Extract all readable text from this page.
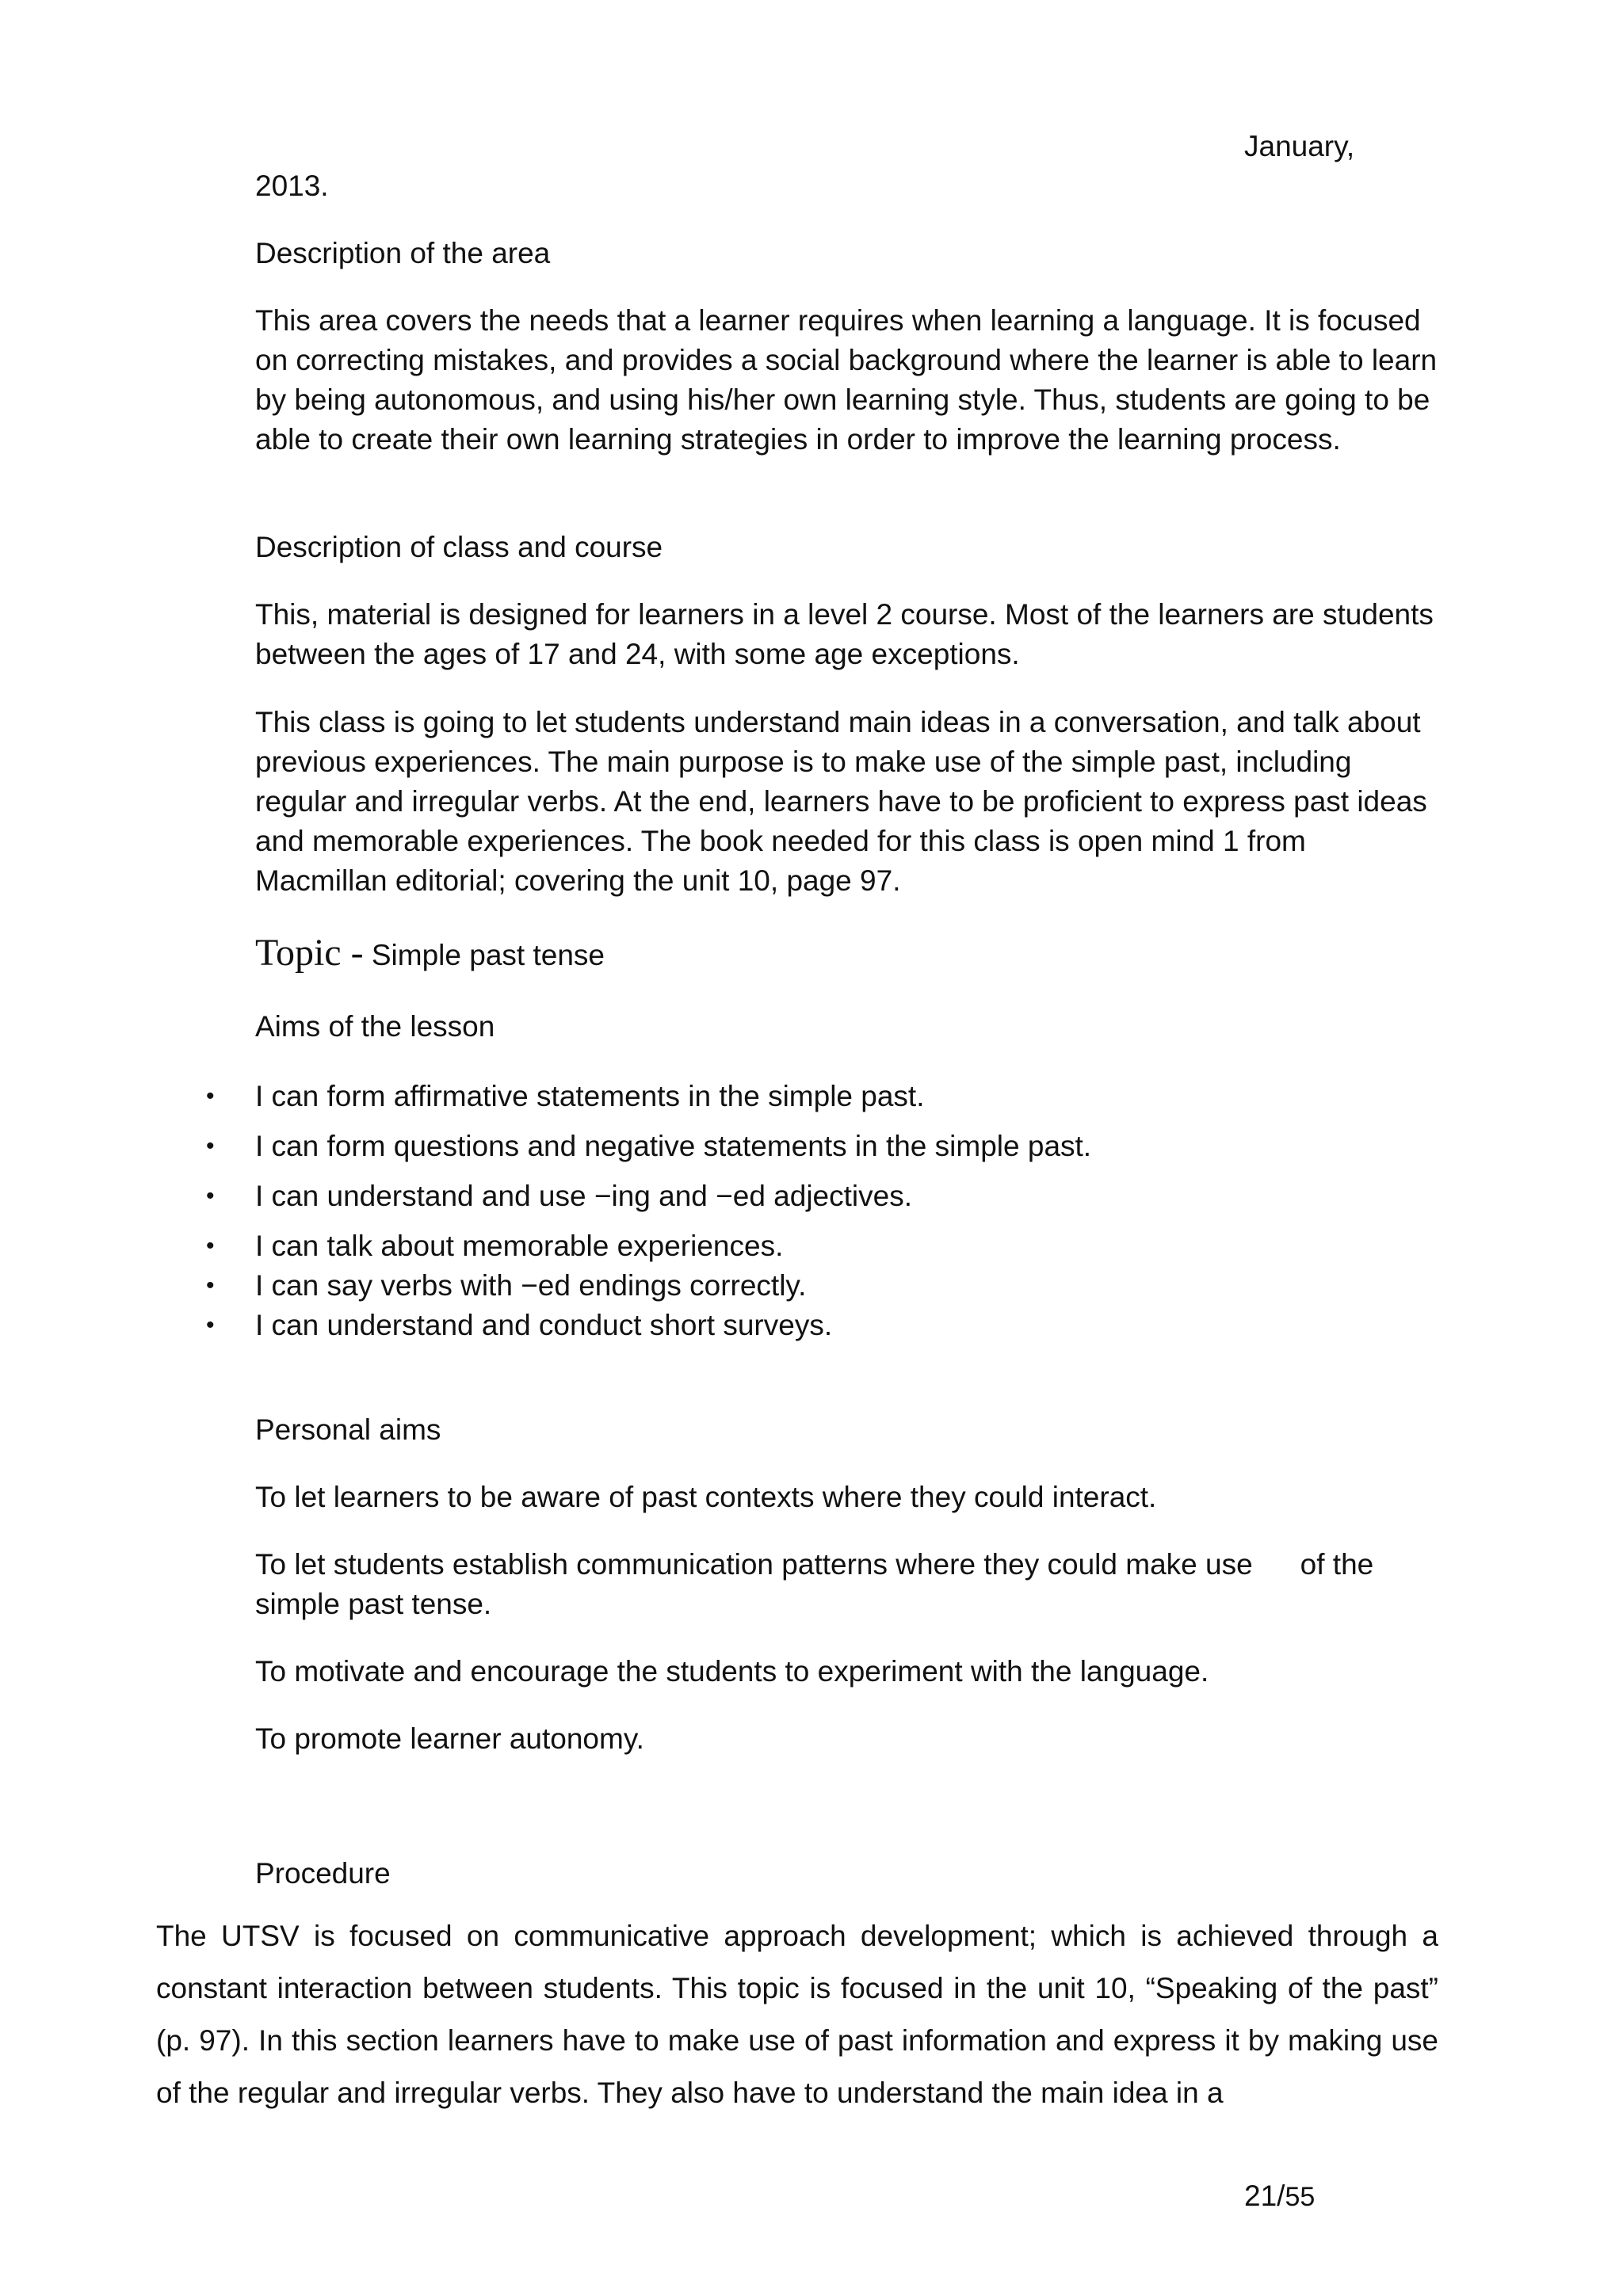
January,
2013.
Description of the area

This area covers the needs that a learner requires when learning a language. It is focused on correcting mistakes, and provides a social background where the learner is able to learn by being autonomous, and using his/her own learning style. Thus, students are going to be able to create their own learning strategies in order to improve the learning process.

Description of class and course

This, material is designed for learners in a level 2 course. Most of the learners are students between the ages of 17 and 24, with some age exceptions.

This class is going to let students understand main ideas in a conversation, and talk about previous experiences. The main purpose is to make use of the simple past, including regular and irregular verbs. At the end, learners have to be proficient to express past ideas and memorable experiences. The book needed for this class is open mind 1 from Macmillan editorial; covering the unit 10, page 97.

Topic - Simple past tense
Aims of the lesson
•I can form affirmative statements in the simple past.
•I can form questions and negative statements in the simple past.
•I can understand and use −ing and −ed adjectives.
•I can talk about memorable experiences.
•I can say verbs with −ed endings correctly.
•I can understand and conduct short surveys.
Personal aims
To let learners to be aware of past contexts where they could interact.
To let students establish communication patterns where they could make use of the
simple past tense.
To motivate and encourage the students to experiment with the language.
To promote learner autonomy.
Procedure

The UTSV is focused on communicative approach development; which is achieved through a constant interaction between students. This topic is focused in the unit 10, “Speaking of the past” (p. 97). In this section learners have to make use of past information and express it by making use of the regular and irregular verbs. They also have to understand the main idea in a

21/55
